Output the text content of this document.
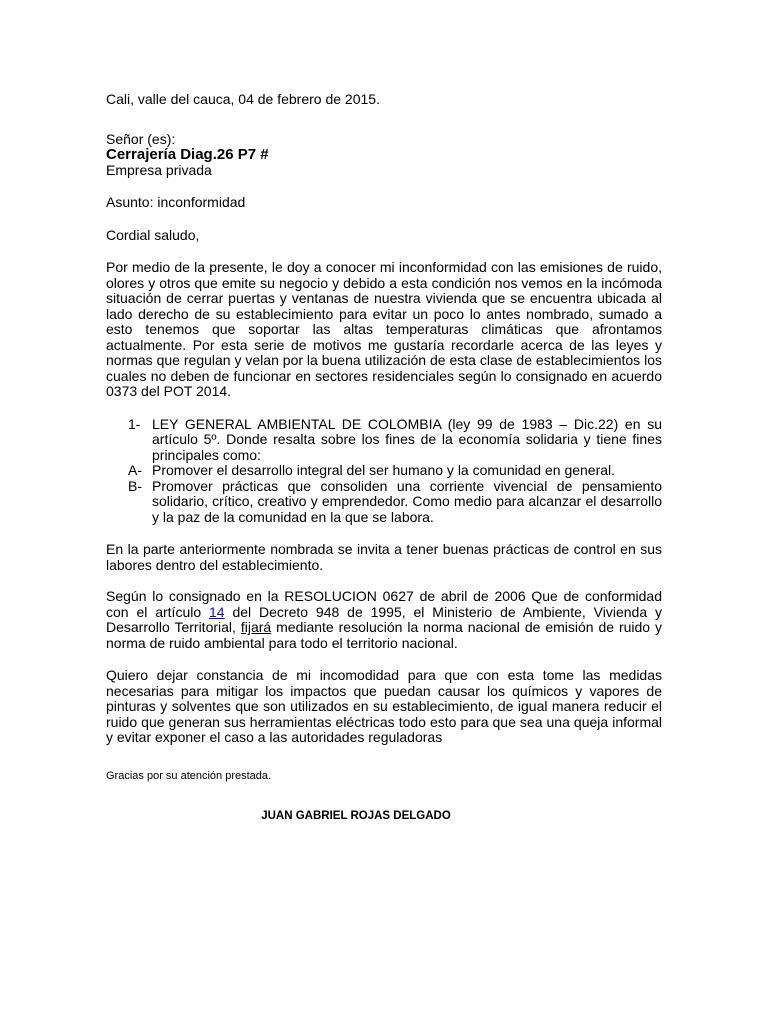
Cali, valle del cauca, 04 de febrero de 2015.

Señor (es):

Cerrajería Diag.26 P7 #

Empresa privada

Asunto: inconformidad

Cordial saludo,

Por medio de la presente, le doy a conocer mi inconformidad con las emisiones de ruido, olores y otros que emite su negocio y debido a esta condición nos vemos en la incómoda situación de cerrar puertas y ventanas de nuestra vivienda que se encuentra ubicada al lado derecho de su establecimiento para evitar un poco lo antes nombrado, sumado a esto tenemos que soportar las altas temperaturas climáticas que afrontamos actualmente. Por esta serie de motivos me gustaría recordarle acerca de las leyes y normas que regulan y velan por la buena utilización de esta clase de establecimientos los cuales no deben de funcionar en sectores residenciales según lo consignado en acuerdo 0373 del POT 2014.

1- LEY GENERAL AMBIENTAL DE COLOMBIA (ley 99 de 1983 – Dic.22) en su artículo 5º. Donde resalta sobre los fines de la economía solidaria y tiene fines principales como:
A- Promover el desarrollo integral del ser humano y la comunidad en general.
B- Promover prácticas que consoliden una corriente vivencial de pensamiento solidario, crítico, creativo y emprendedor. Como medio para alcanzar el desarrollo y la paz de la comunidad en la que se labora.

En la parte anteriormente nombrada se invita a tener buenas prácticas de control en sus labores dentro del establecimiento.

Según lo consignado en la RESOLUCION 0627 de abril de 2006 Que de conformidad con el artículo 14 del Decreto 948 de 1995, el Ministerio de Ambiente, Vivienda y Desarrollo Territorial, fijará mediante resolución la norma nacional de emisión de ruido y norma de ruido ambiental para todo el territorio nacional.

Quiero dejar constancia de mi incomodidad para que con esta tome las medidas necesarias para mitigar los impactos que puedan causar los químicos y vapores de pinturas y solventes que son utilizados en su establecimiento, de igual manera reducir el ruido que generan sus herramientas eléctricas todo esto para que sea una queja informal y evitar exponer el caso a las autoridades reguladoras

Gracias por su atención prestada.

JUAN GABRIEL ROJAS DELGADO
